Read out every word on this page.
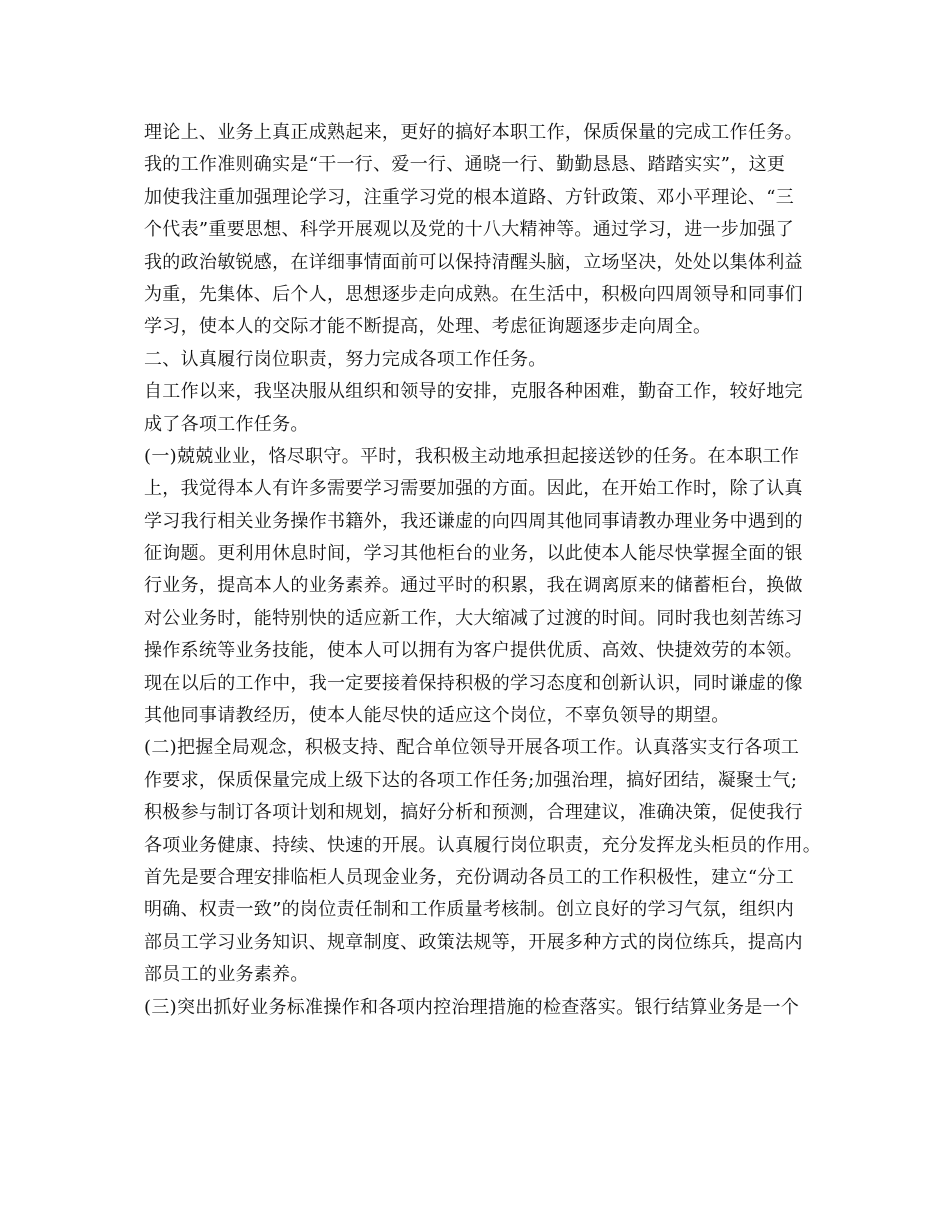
理论上、业务上真正成熟起来，更好的搞好本职工作，保质保量的完成工作任务。
我的工作准则确实是“干一行、爱一行、通晓一行、勤勤恳恳、踏踏实实”，这更
加使我注重加强理论学习，注重学习党的根本道路、方针政策、邓小平理论、“三
个代表”重要思想、科学开展观以及党的十八大精神等。通过学习，进一步加强了
我的政治敏锐感，在详细事情面前可以保持清醒头脑，立场坚决，处处以集体利益
为重，先集体、后个人，思想逐步走向成熟。在生活中，积极向四周领导和同事们
学习，使本人的交际才能不断提高，处理、考虑征询题逐步走向周全。
二、认真履行岗位职责，努力完成各项工作任务。
自工作以来，我坚决服从组织和领导的安排，克服各种困难，勤奋工作，较好地完
成了各项工作任务。
(一)兢兢业业，恪尽职守。平时，我积极主动地承担起接送钞的任务。在本职工作
上，我觉得本人有许多需要学习需要加强的方面。因此，在开始工作时，除了认真
学习我行相关业务操作书籍外，我还谦虚的向四周其他同事请教办理业务中遇到的
征询题。更利用休息时间，学习其他柜台的业务，以此使本人能尽快掌握全面的银
行业务，提高本人的业务素养。通过平时的积累，我在调离原来的储蓄柜台，换做
对公业务时，能特别快的适应新工作，大大缩减了过渡的时间。同时我也刻苦练习
操作系统等业务技能，使本人可以拥有为客户提供优质、高效、快捷效劳的本领。
现在以后的工作中，我一定要接着保持积极的学习态度和创新认识，同时谦虚的像
其他同事请教经历，使本人能尽快的适应这个岗位，不辜负领导的期望。
(二)把握全局观念，积极支持、配合单位领导开展各项工作。认真落实支行各项工
作要求，保质保量完成上级下达的各项工作任务;加强治理，搞好团结，凝聚士气;
积极参与制订各项计划和规划，搞好分析和预测，合理建议，准确决策，促使我行
各项业务健康、持续、快速的开展。认真履行岗位职责，充分发挥龙头柜员的作用。
首先是要合理安排临柜人员现金业务，充份调动各员工的工作积极性，建立“分工
明确、权责一致”的岗位责任制和工作质量考核制。创立良好的学习气氛，组织内
部员工学习业务知识、规章制度、政策法规等，开展多种方式的岗位练兵，提高内
部员工的业务素养。
(三)突出抓好业务标准操作和各项内控治理措施的检查落实。银行结算业务是一个
